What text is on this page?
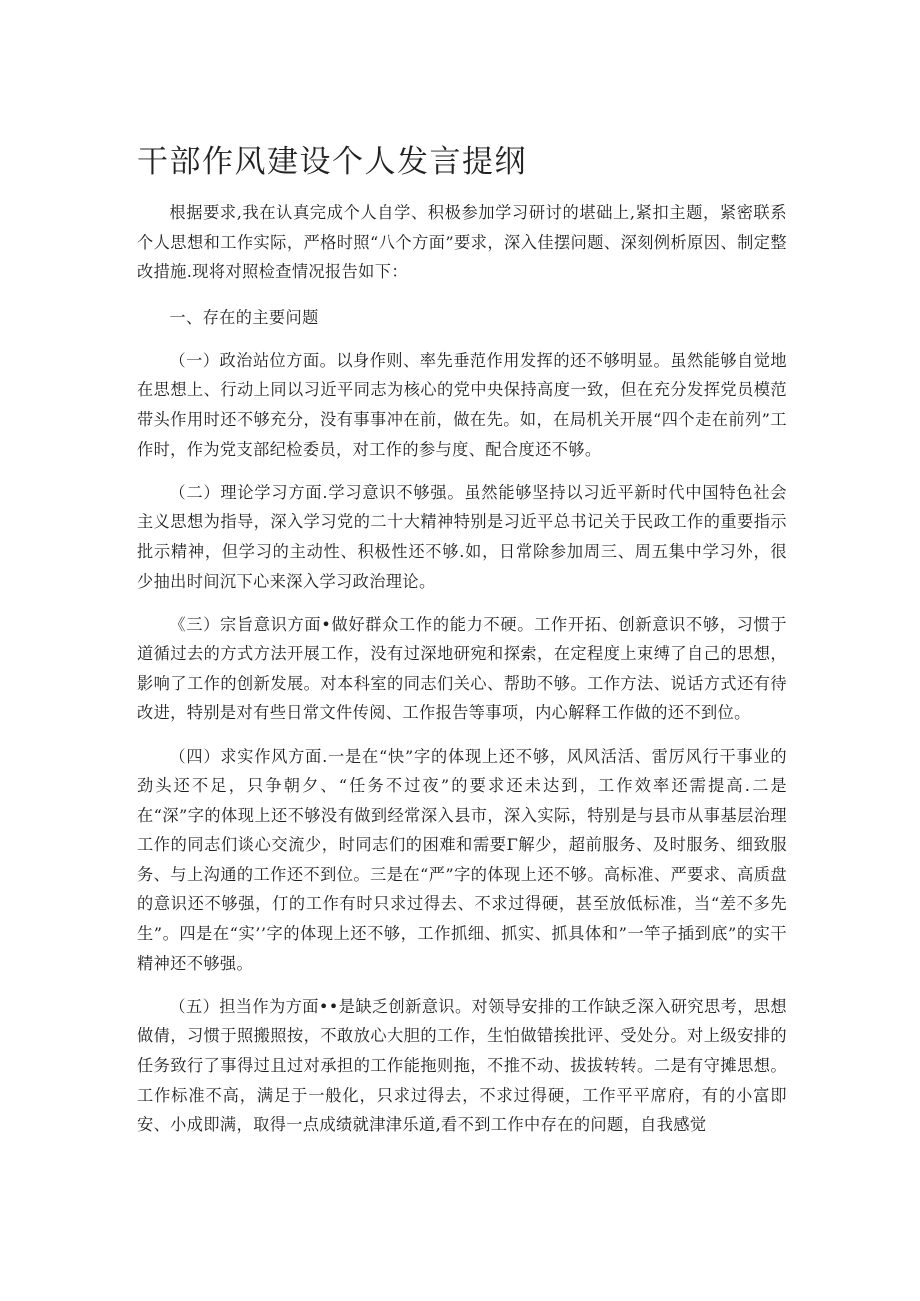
干部作风建设个人发言提纲

根据要求,我在认真完成个人自学、积极参加学习研讨的堪础上,紧扣主题，紧密联系个人思想和工作实际，严格时照“八个方面”要求，深入佳摆问题、深刻例析原因、制定整改措施.现将对照检查情况报告如下：

一、存在的主要问题

（一）政治站位方面。以身作则、率先垂范作用发挥的还不够明显。虽然能够自觉地在思想上、行动上同以习近平同志为核心的党中央保持高度一致，但在充分发挥党员模范带头作用时还不够充分，没有事事冲在前，做在先。如，在局机关开展“四个走在前列”工作时，作为党支部纪检委员，对工作的参与度、配合度还不够。

（二）理论学习方面.学习意识不够强。虽然能够坚持以习近平新时代中国特色社会主义思想为指导，深入学习党的二十大精神特别是习近平总书记关于民政工作的重要指示批示精神，但学习的主动性、积极性还不够.如，日常除参加周三、周五集中学习外，很少抽出时间沉下心来深入学习政治理论。

《三）宗旨意识方面•做好群众工作的能力不硬。工作开拓、创新意识不够，习惯于道循过去的方式方法开展工作，没有过深地研宛和探索，在定程度上束缚了自己的思想，影响了工作的创新发展。对本科室的同志们关心、帮助不够。工作方法、说话方式还有待改进，特别是对有些日常文件传阅、工作报告等事项，内心解释工作做的还不到位。

（四）求实作风方面.一是在“快”字的体现上还不够，风风活活、雷厉风行干事业的劲头还不足，只争朝夕、“任务不过夜”的要求还未达到，工作效率还需提高.二是在“深”字的体现上还不够没有做到经常深入县市，深入实际，特别是与县市从事基层治理工作的同志们谈心交流少，时同志们的困难和需要Γ解少，超前服务、及时服务、细致服务、与上沟通的工作还不到位。三是在“严”字的体现上还不够。高标准、严要求、高质盘的意识还不够强，仃的工作有时只求过得去、不求过得硬，甚至放低标准，当“差不多先生”。四是在“实’’字的体现上还不够，工作抓细、抓实、抓具体和”一竿子插到底”的实干精神还不够强。

（五）担当作为方面••是缺乏创新意识。对领导安排的工作缺乏深入研究思考，思想做倩，习惯于照搬照按，不敢放心大胆的工作，生怕做错挨批评、受处分。对上级安排的任务致行了事得过且过对承担的工作能拖则拖，不推不动、拔拔转转。二是有守摊思想。工作标准不高，满足于一般化，只求过得去，不求过得硬，工作平平席府，有的小富即安、小成即满，取得一点成绩就津津乐道,看不到工作中存在的问题，自我感觉
